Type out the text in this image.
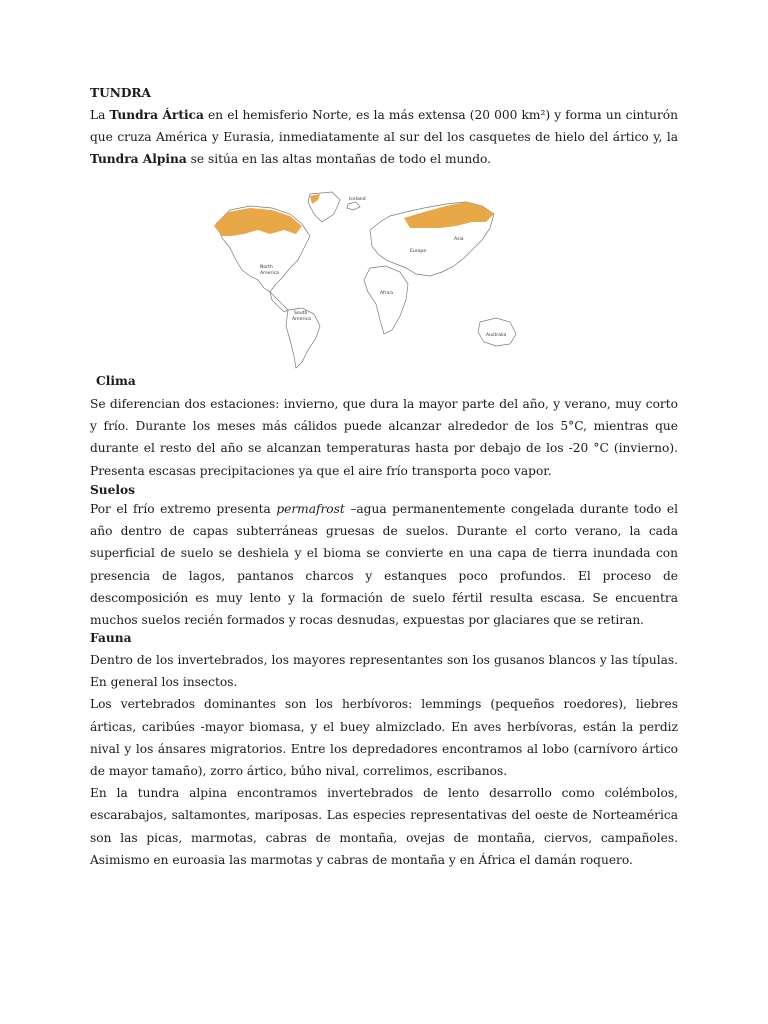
TUNDRA

La Tundra Ártica en el hemisferio Norte, es la más extensa (20 000 km²) y forma un cinturón que cruza América y Eurasia, inmediatamente al sur del los casquetes de hielo del ártico y, la Tundra Alpina se sitúa en las altas montañas de todo el mundo.

Iceland
Asia
Europe
North
America
Africa
South
America
Australia
Clima

Se diferencian dos estaciones: invierno, que dura la mayor parte del año, y verano, muy corto y frío. Durante los meses más cálidos puede alcanzar alrededor de los 5°C, mientras que durante el resto del año se alcanzan temperaturas hasta por debajo de los -20 °C (invierno). Presenta escasas precipitaciones ya que el aire frío transporta poco vapor.

Suelos

Por el frío extremo presenta permafrost –agua permanentemente congelada durante todo el año dentro de capas subterráneas gruesas de suelos. Durante el corto verano, la cada superficial de suelo se deshiela y el bioma se convierte en una capa de tierra inundada con presencia de lagos, pantanos charcos y estanques poco profundos. El proceso de descomposición es muy lento y la formación de suelo fértil resulta escasa. Se encuentra muchos suelos recién formados y rocas desnudas, expuestas por glaciares que se retiran.

Fauna

Dentro de los invertebrados, los mayores representantes son los gusanos blancos y las típulas. En general los insectos.

Los vertebrados dominantes son los herbívoros: lemmings (pequeños roedores), liebres árticas, caribúes -mayor biomasa, y el buey almizclado. En aves herbívoras, están la perdiz nival y los ánsares migratorios. Entre los depredadores encontramos al lobo (carnívoro ártico de mayor tamaño), zorro ártico, búho nival, correlimos, escribanos.

En la tundra alpina encontramos invertebrados de lento desarrollo como colémbolos, escarabajos, saltamontes, mariposas. Las especies representativas del oeste de Norteamérica son las picas, marmotas, cabras de montaña, ovejas de montaña, ciervos, campañoles. Asimismo en euroasia las marmotas y cabras de montaña y en África el damán roquero.
